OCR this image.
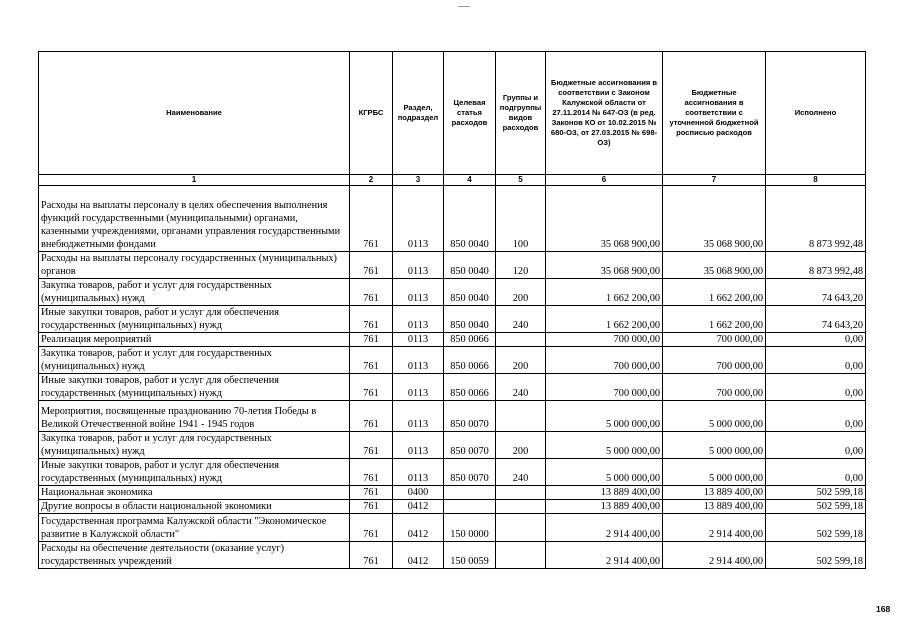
Наименование	КГРБС	Раздел, подраздел	Целевая статья расходов	Группы и подгруппы видов расходов	Бюджетные ассигнования в соответствии с Законом Калужской области от 27.11.2014 № 647-ОЗ (в ред. Законов КО от 10.02.2015 № 680-ОЗ, от 27.03.2015 № 698-ОЗ)	Бюджетные ассигнования в соответствии с уточненной бюджетной росписью расходов	Исполнено
1	2	3	4	5	6	7	8
Расходы на выплаты персоналу в целях обеспечения выполнения функций государственными (муниципальными) органами, казенными учреждениями, органами управления государственными внебюджетными фондами	761	0113	850 0040	100	35 068 900,00	35 068 900,00	8 873 992,48
Расходы на выплаты персоналу государственных (муниципальных) органов	761	0113	850 0040	120	35 068 900,00	35 068 900,00	8 873 992,48
Закупка товаров, работ и услуг для государственных (муниципальных) нужд	761	0113	850 0040	200	1 662 200,00	1 662 200,00	74 643,20
Иные закупки товаров, работ и услуг для обеспечения государственных (муниципальных) нужд	761	0113	850 0040	240	1 662 200,00	1 662 200,00	74 643,20
Реализация мероприятий	761	0113	850 0066		700 000,00	700 000,00	0,00
Закупка товаров, работ и услуг для государственных (муниципальных) нужд	761	0113	850 0066	200	700 000,00	700 000,00	0,00
Иные закупки товаров, работ и услуг для обеспечения государственных (муниципальных) нужд	761	0113	850 0066	240	700 000,00	700 000,00	0,00
Мероприятия, посвященные празднованию 70-летия Победы в Великой Отечественной войне 1941 - 1945 годов	761	0113	850 0070		5 000 000,00	5 000 000,00	0,00
Закупка товаров, работ и услуг для государственных (муниципальных) нужд	761	0113	850 0070	200	5 000 000,00	5 000 000,00	0,00
Иные закупки товаров, работ и услуг для обеспечения государственных (муниципальных) нужд	761	0113	850 0070	240	5 000 000,00	5 000 000,00	0,00
Национальная экономика	761	0400			13 889 400,00	13 889 400,00	502 599,18
Другие вопросы в области национальной экономики	761	0412			13 889 400,00	13 889 400,00	502 599,18
Государственная программа Калужской области "Экономическое развитие в Калужской области"	761	0412	150 0000		2 914 400,00	2 914 400,00	502 599,18
Расходы на обеспечение деятельности (оказание услуг) государственных учреждений	761	0412	150 0059		2 914 400,00	2 914 400,00	502 599,18
168
